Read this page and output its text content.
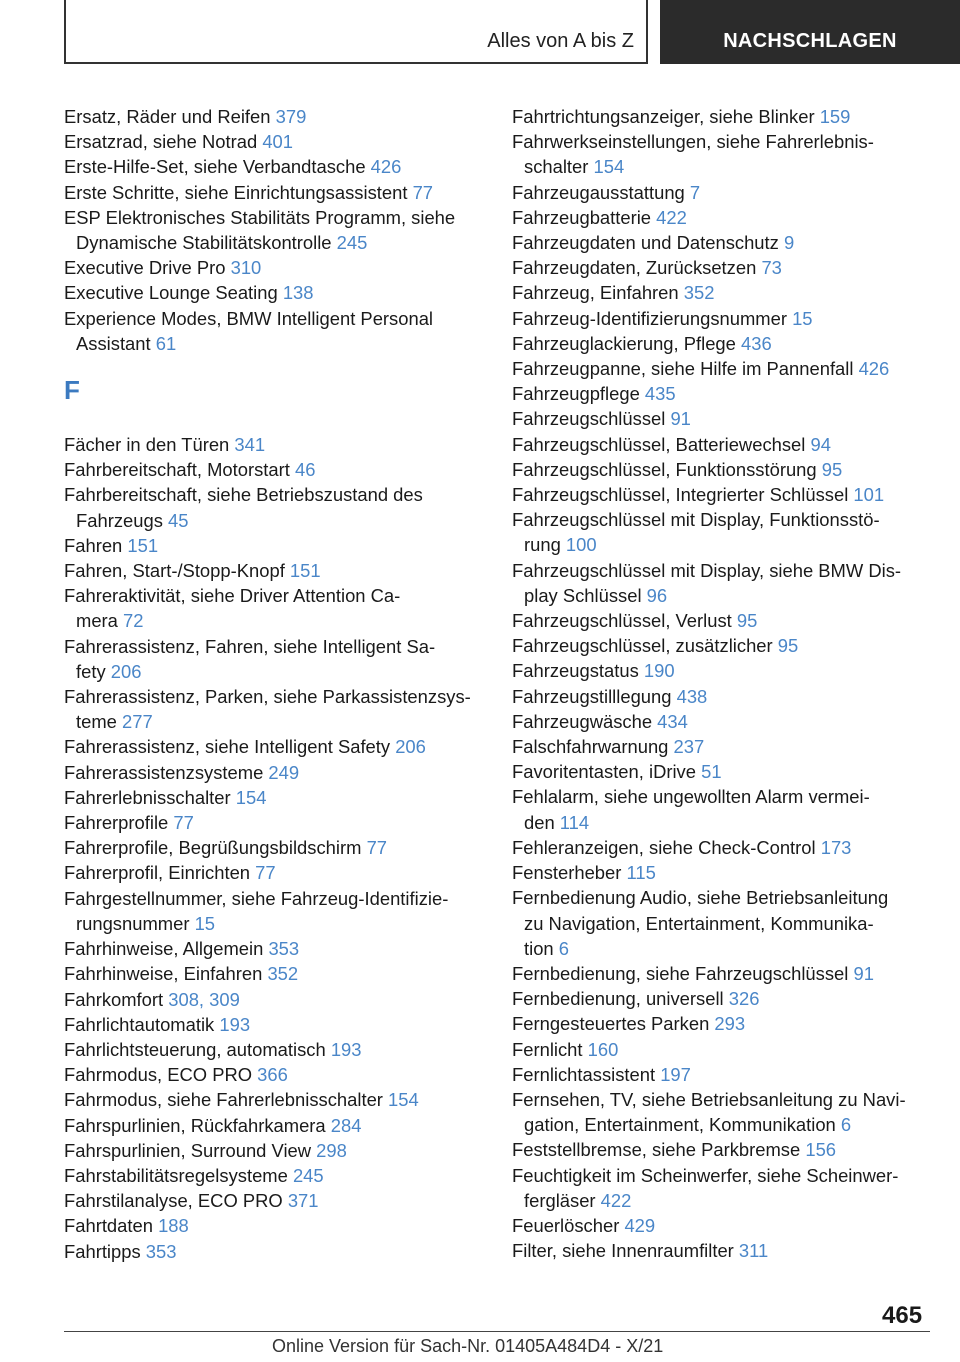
Alles von A bis Z	NACHSCHLAGEN
Ersatz, Räder und Reifen 379
Ersatzrad, siehe Notrad 401
Erste-Hilfe-Set, siehe Verbandtasche 426
Erste Schritte, siehe Einrichtungsassistent 77
ESP Elektronisches Stabilitäts Programm, siehe
Dynamische Stabilitätskontrolle 245
Executive Drive Pro 310
Executive Lounge Seating 138
Experience Modes, BMW Intelligent Personal
Assistant 61
F
Fächer in den Türen 341
Fahrbereitschaft, Motorstart 46
Fahrbereitschaft, siehe Betriebszustand des
Fahrzeugs 45
Fahren 151
Fahren, Start-/Stopp-Knopf 151
Fahreraktivität, siehe Driver Attention Ca-
mera 72
Fahrerassistenz, Fahren, siehe Intelligent Sa-
fety 206
Fahrerassistenz, Parken, siehe Parkassistenzsys-
teme 277
Fahrerassistenz, siehe Intelligent Safety 206
Fahrerassistenzsysteme 249
Fahrerlebnisschalter 154
Fahrerprofile 77
Fahrerprofile, Begrüßungsbildschirm 77
Fahrerprofil, Einrichten 77
Fahrgestellnummer, siehe Fahrzeug-Identifizie-
rungsnummer 15
Fahrhinweise, Allgemein 353
Fahrhinweise, Einfahren 352
Fahrkomfort 308, 309
Fahrlichtautomatik 193
Fahrlichtsteuerung, automatisch 193
Fahrmodus, ECO PRO 366
Fahrmodus, siehe Fahrerlebnisschalter 154
Fahrspurlinien, Rückfahrkamera 284
Fahrspurlinien, Surround View 298
Fahrstabilitätsregelsysteme 245
Fahrstilanalyse, ECO PRO 371
Fahrtdaten 188
Fahrtipps 353
Fahrtrichtungsanzeiger, siehe Blinker 159
Fahrwerkseinstellungen, siehe Fahrerlebnis-
schalter 154
Fahrzeugausstattung 7
Fahrzeugbatterie 422
Fahrzeugdaten und Datenschutz 9
Fahrzeugdaten, Zurücksetzen 73
Fahrzeug, Einfahren 352
Fahrzeug-Identifizierungsnummer 15
Fahrzeuglackierung, Pflege 436
Fahrzeugpanne, siehe Hilfe im Pannenfall 426
Fahrzeugpflege 435
Fahrzeugschlüssel 91
Fahrzeugschlüssel, Batteriewechsel 94
Fahrzeugschlüssel, Funktionsstörung 95
Fahrzeugschlüssel, Integrierter Schlüssel 101
Fahrzeugschlüssel mit Display, Funktionsstö-
rung 100
Fahrzeugschlüssel mit Display, siehe BMW Dis-
play Schlüssel 96
Fahrzeugschlüssel, Verlust 95
Fahrzeugschlüssel, zusätzlicher 95
Fahrzeugstatus 190
Fahrzeugstilllegung 438
Fahrzeugwäsche 434
Falschfahrwarnung 237
Favoritentasten, iDrive 51
Fehlalarm, siehe ungewollten Alarm vermei-
den 114
Fehleranzeigen, siehe Check-Control 173
Fensterheber 115
Fernbedienung Audio, siehe Betriebsanleitung
zu Navigation, Entertainment, Kommunika-
tion 6
Fernbedienung, siehe Fahrzeugschlüssel 91
Fernbedienung, universell 326
Ferngesteuertes Parken 293
Fernlicht 160
Fernlichtassistent 197
Fernsehen, TV, siehe Betriebsanleitung zu Navi-
gation, Entertainment, Kommunikation 6
Feststellbremse, siehe Parkbremse 156
Feuchtigkeit im Scheinwerfer, siehe Scheinwer-
fergläser 422
Feuerlöscher 429
Filter, siehe Innenraumfilter 311
465
Online Version für Sach-Nr. 01405A484D4 - X/21
